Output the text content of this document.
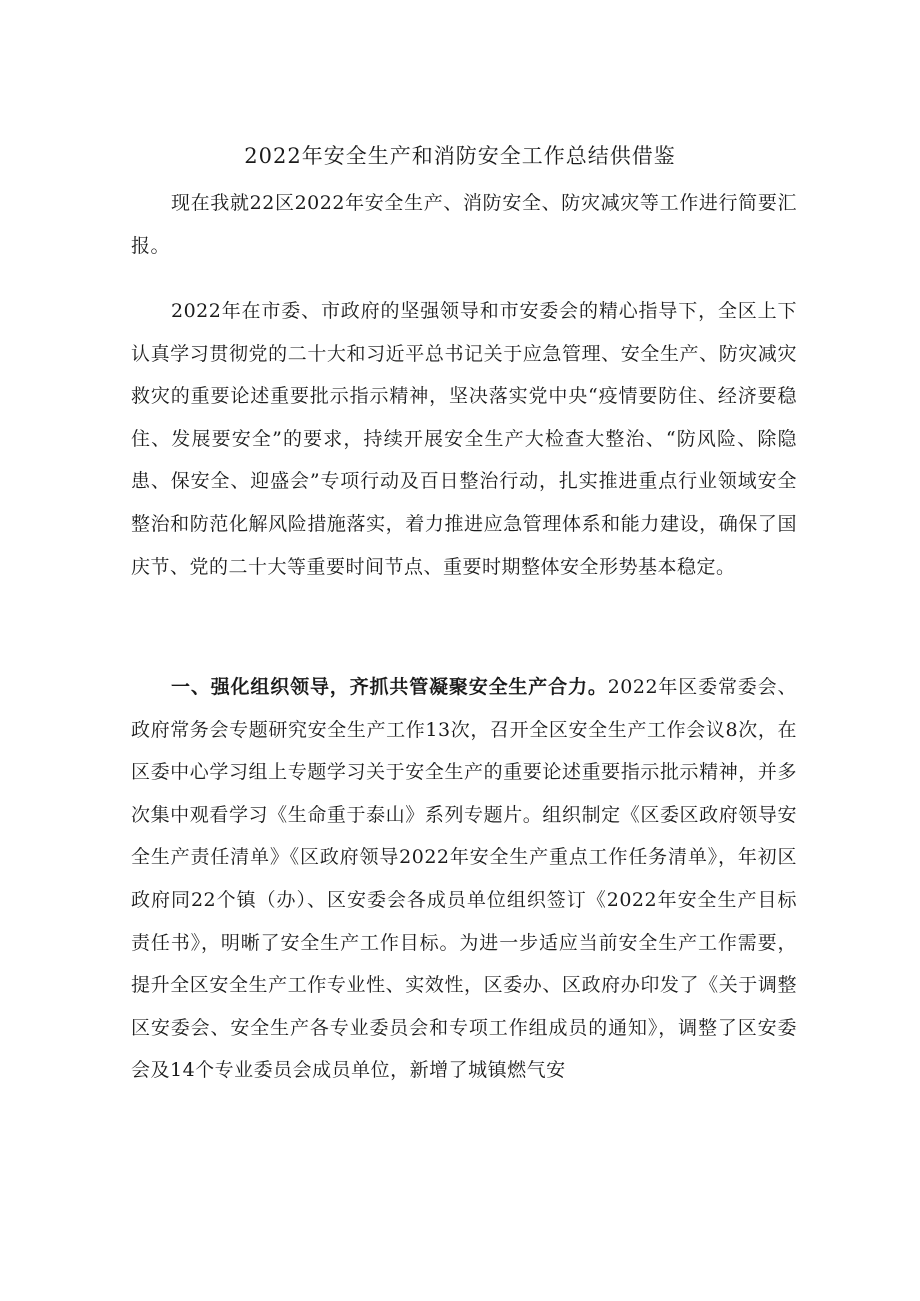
2022年安全生产和消防安全工作总结供借鉴

现在我就22区2022年安全生产、消防安全、防灾减灾等工作进行简要汇报。

2022年在市委、市政府的坚强领导和市安委会的精心指导下，全区上下认真学习贯彻党的二十大和习近平总书记关于应急管理、安全生产、防灾减灾救灾的重要论述重要批示指示精神，坚决落实党中央“疫情要防住、经济要稳住、发展要安全”的要求，持续开展安全生产大检查大整治、“防风险、除隐患、保安全、迎盛会”专项行动及百日整治行动，扎实推进重点行业领域安全整治和防范化解风险措施落实，着力推进应急管理体系和能力建设，确保了国庆节、党的二十大等重要时间节点、重要时期整体安全形势基本稳定。

一、强化组织领导，齐抓共管凝聚安全生产合力。2022年区委常委会、政府常务会专题研究安全生产工作13次，召开全区安全生产工作会议8次，在区委中心学习组上专题学习关于安全生产的重要论述重要指示批示精神，并多次集中观看学习《生命重于泰山》系列专题片。组织制定《区委区政府领导安全生产责任清单》《区政府领导2022年安全生产重点工作任务清单》，年初区政府同22个镇（办）、区安委会各成员单位组织签订《2022年安全生产目标责任书》，明晰了安全生产工作目标。为进一步适应当前安全生产工作需要，提升全区安全生产工作专业性、实效性，区委办、区政府办印发了《关于调整区安委会、安全生产各专业委员会和专项工作组成员的通知》，调整了区安委会及14个专业委员会成员单位，新增了城镇燃气安
